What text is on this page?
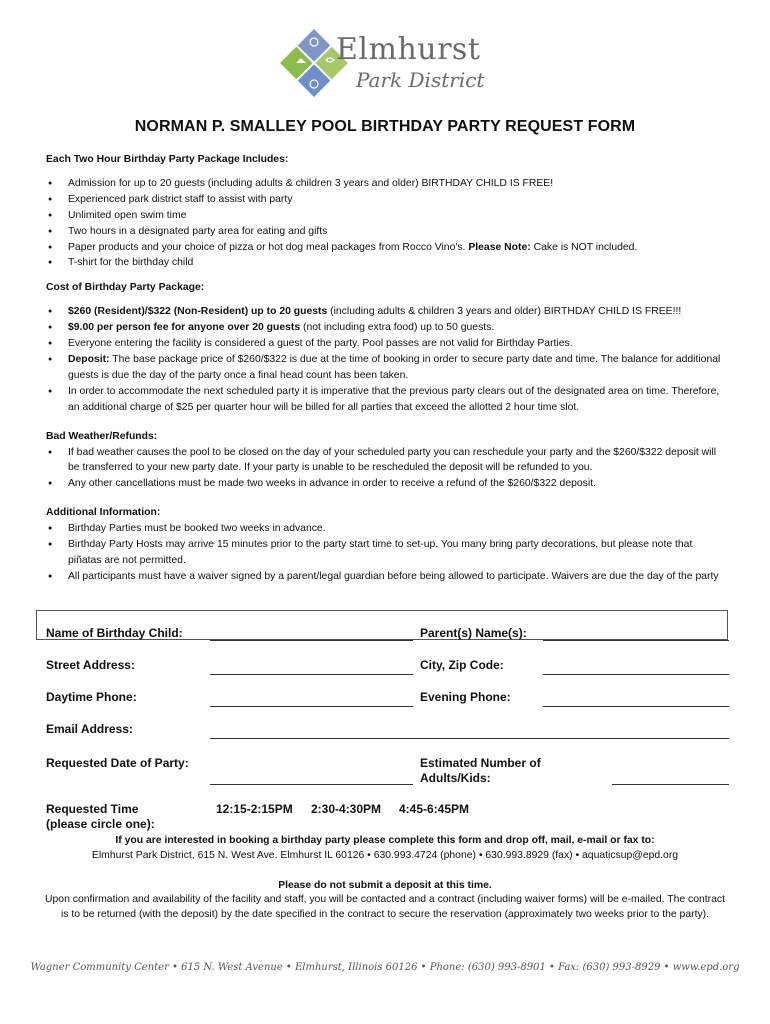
Elmhurst
Park District
NORMAN P. SMALLEY POOL BIRTHDAY PARTY REQUEST FORM

Each Two Hour Birthday Party Package Includes:

● Admission for up to 20 guests (including adults & children 3 years and older) BIRTHDAY CHILD IS FREE!
● Experienced park district staff to assist with party
● Unlimited open swim time
● Two hours in a designated party area for eating and gifts
● Paper products and your choice of pizza or hot dog meal packages from Rocco Vino's. Please Note: Cake is NOT included.
● T-shirt for the birthday child

Cost of Birthday Party Package:

● $260 (Resident)/$322 (Non-Resident) up to 20 guests (including adults & children 3 years and older) BIRTHDAY CHILD IS FREE!!!
● $9.00 per person fee for anyone over 20 guests (not including extra food) up to 50 guests.
● Everyone entering the facility is considered a guest of the party. Pool passes are not valid for Birthday Parties.
● Deposit: The base package price of $260/$322 is due at the time of booking in order to secure party date and time. The balance for additional guests is due the day of the party once a final head count has been taken.
● In order to accommodate the next scheduled party it is imperative that the previous party clears out of the designated area on time. Therefore, an additional charge of $25 per quarter hour will be billed for all parties that exceed the allotted 2 hour time slot.

Bad Weather/Refunds:

● If bad weather causes the pool to be closed on the day of your scheduled party you can reschedule your party and the $260/$322 deposit will be transferred to your new party date. If your party is unable to be rescheduled the deposit will be refunded to you.
● Any other cancellations must be made two weeks in advance in order to receive a refund of the $260/$322 deposit.

Additional Information:

● Birthday Parties must be booked two weeks in advance.
● Birthday Party Hosts may arrive 15 minutes prior to the party start time to set-up. You many bring party decorations, but please note that piñatas are not permitted.
● All participants must have a waiver signed by a parent/legal guardian before being allowed to participate. Waivers are due the day of the party
Name of Birthday Child:	Parent(s) Name(s):
Street Address:	City, Zip Code:
Daytime Phone:	Evening Phone:
Email Address:
Requested Date of Party:	Estimated Number of
Adults/Kids:
Requested Time
(please circle one):
12:15-2:15PM 2:30-4:30PM 4:45-6:45PM
If you are interested in booking a birthday party please complete this form and drop off, mail, e-mail or fax to:
Elmhurst Park District, 615 N. West Ave. Elmhurst IL 60126 • 630.993.4724 (phone) • 630.993.8929 (fax) • aquaticsup@epd.org
Please do not submit a deposit at this time.
Upon confirmation and availability of the facility and staff, you will be contacted and a contract (including waiver forms) will be e-mailed. The contract is to be returned (with the deposit) by the date specified in the contract to secure the reservation (approximately two weeks prior to the party).
Wagner Community Center • 615 N. West Avenue • Elmhurst, Illinois 60126 • Phone: (630) 993-8901 • Fax: (630) 993-8929 • www.epd.org
